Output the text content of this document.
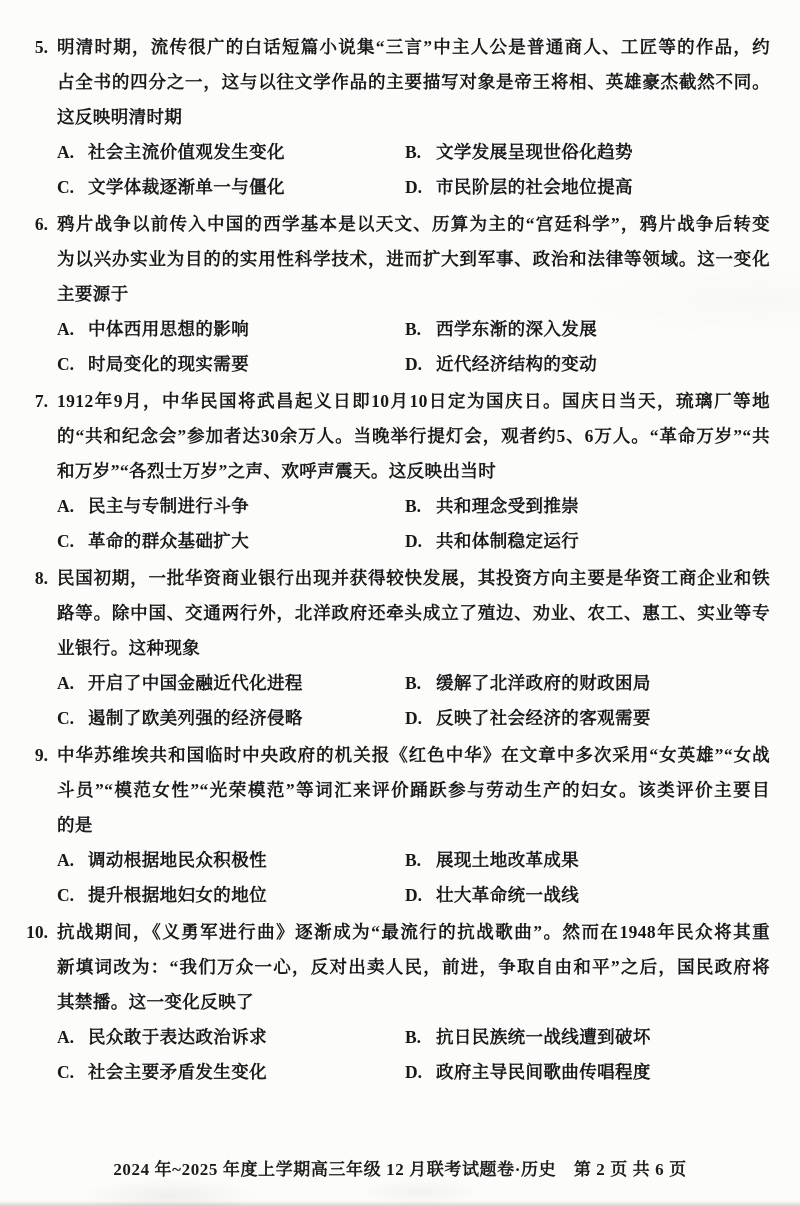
5. 明清时期，流传很广的白话短篇小说集“三言”中主人公是普通商人、工匠等的作品，约
占全书的四分之一，这与以往文学作品的主要描写对象是帝王将相、英雄豪杰截然不同。
这反映明清时期
A. 社会主流价值观发生变化	B. 文学发展呈现世俗化趋势
C. 文学体裁逐渐单一与僵化	D. 市民阶层的社会地位提高
6. 鸦片战争以前传入中国的西学基本是以天文、历算为主的“宫廷科学”，鸦片战争后转变
为以兴办实业为目的的实用性科学技术，进而扩大到军事、政治和法律等领域。这一变化
主要源于
A. 中体西用思想的影响	B. 西学东渐的深入发展
C. 时局变化的现实需要	D. 近代经济结构的变动
7. 1912年9月，中华民国将武昌起义日即10月10日定为国庆日。国庆日当天，琉璃厂等地
的“共和纪念会”参加者达30余万人。当晚举行提灯会，观者约5、6万人。“革命万岁”“共
和万岁”“各烈士万岁”之声、欢呼声震天。这反映出当时
A. 民主与专制进行斗争	B. 共和理念受到推崇
C. 革命的群众基础扩大	D. 共和体制稳定运行
8. 民国初期，一批华资商业银行出现并获得较快发展，其投资方向主要是华资工商企业和铁
路等。除中国、交通两行外，北洋政府还牵头成立了殖边、劝业、农工、惠工、实业等专
业银行。这种现象
A. 开启了中国金融近代化进程	B. 缓解了北洋政府的财政困局
C. 遏制了欧美列强的经济侵略	D. 反映了社会经济的客观需要
9. 中华苏维埃共和国临时中央政府的机关报《红色中华》在文章中多次采用“女英雄”“女战
斗员”“模范女性”“光荣模范”等词汇来评价踊跃参与劳动生产的妇女。该类评价主要目
的是
A. 调动根据地民众积极性	B. 展现土地改革成果
C. 提升根据地妇女的地位	D. 壮大革命统一战线
10. 抗战期间，《义勇军进行曲》逐渐成为“最流行的抗战歌曲”。然而在1948年民众将其重
新填词改为：“我们万众一心，反对出卖人民，前进，争取自由和平”之后，国民政府将
其禁播。这一变化反映了
A. 民众敢于表达政治诉求	B. 抗日民族统一战线遭到破坏
C. 社会主要矛盾发生变化	D. 政府主导民间歌曲传唱程度
2024 年~2025 年度上学期高三年级 12 月联考试题卷·历史　第 2 页 共 6 页
